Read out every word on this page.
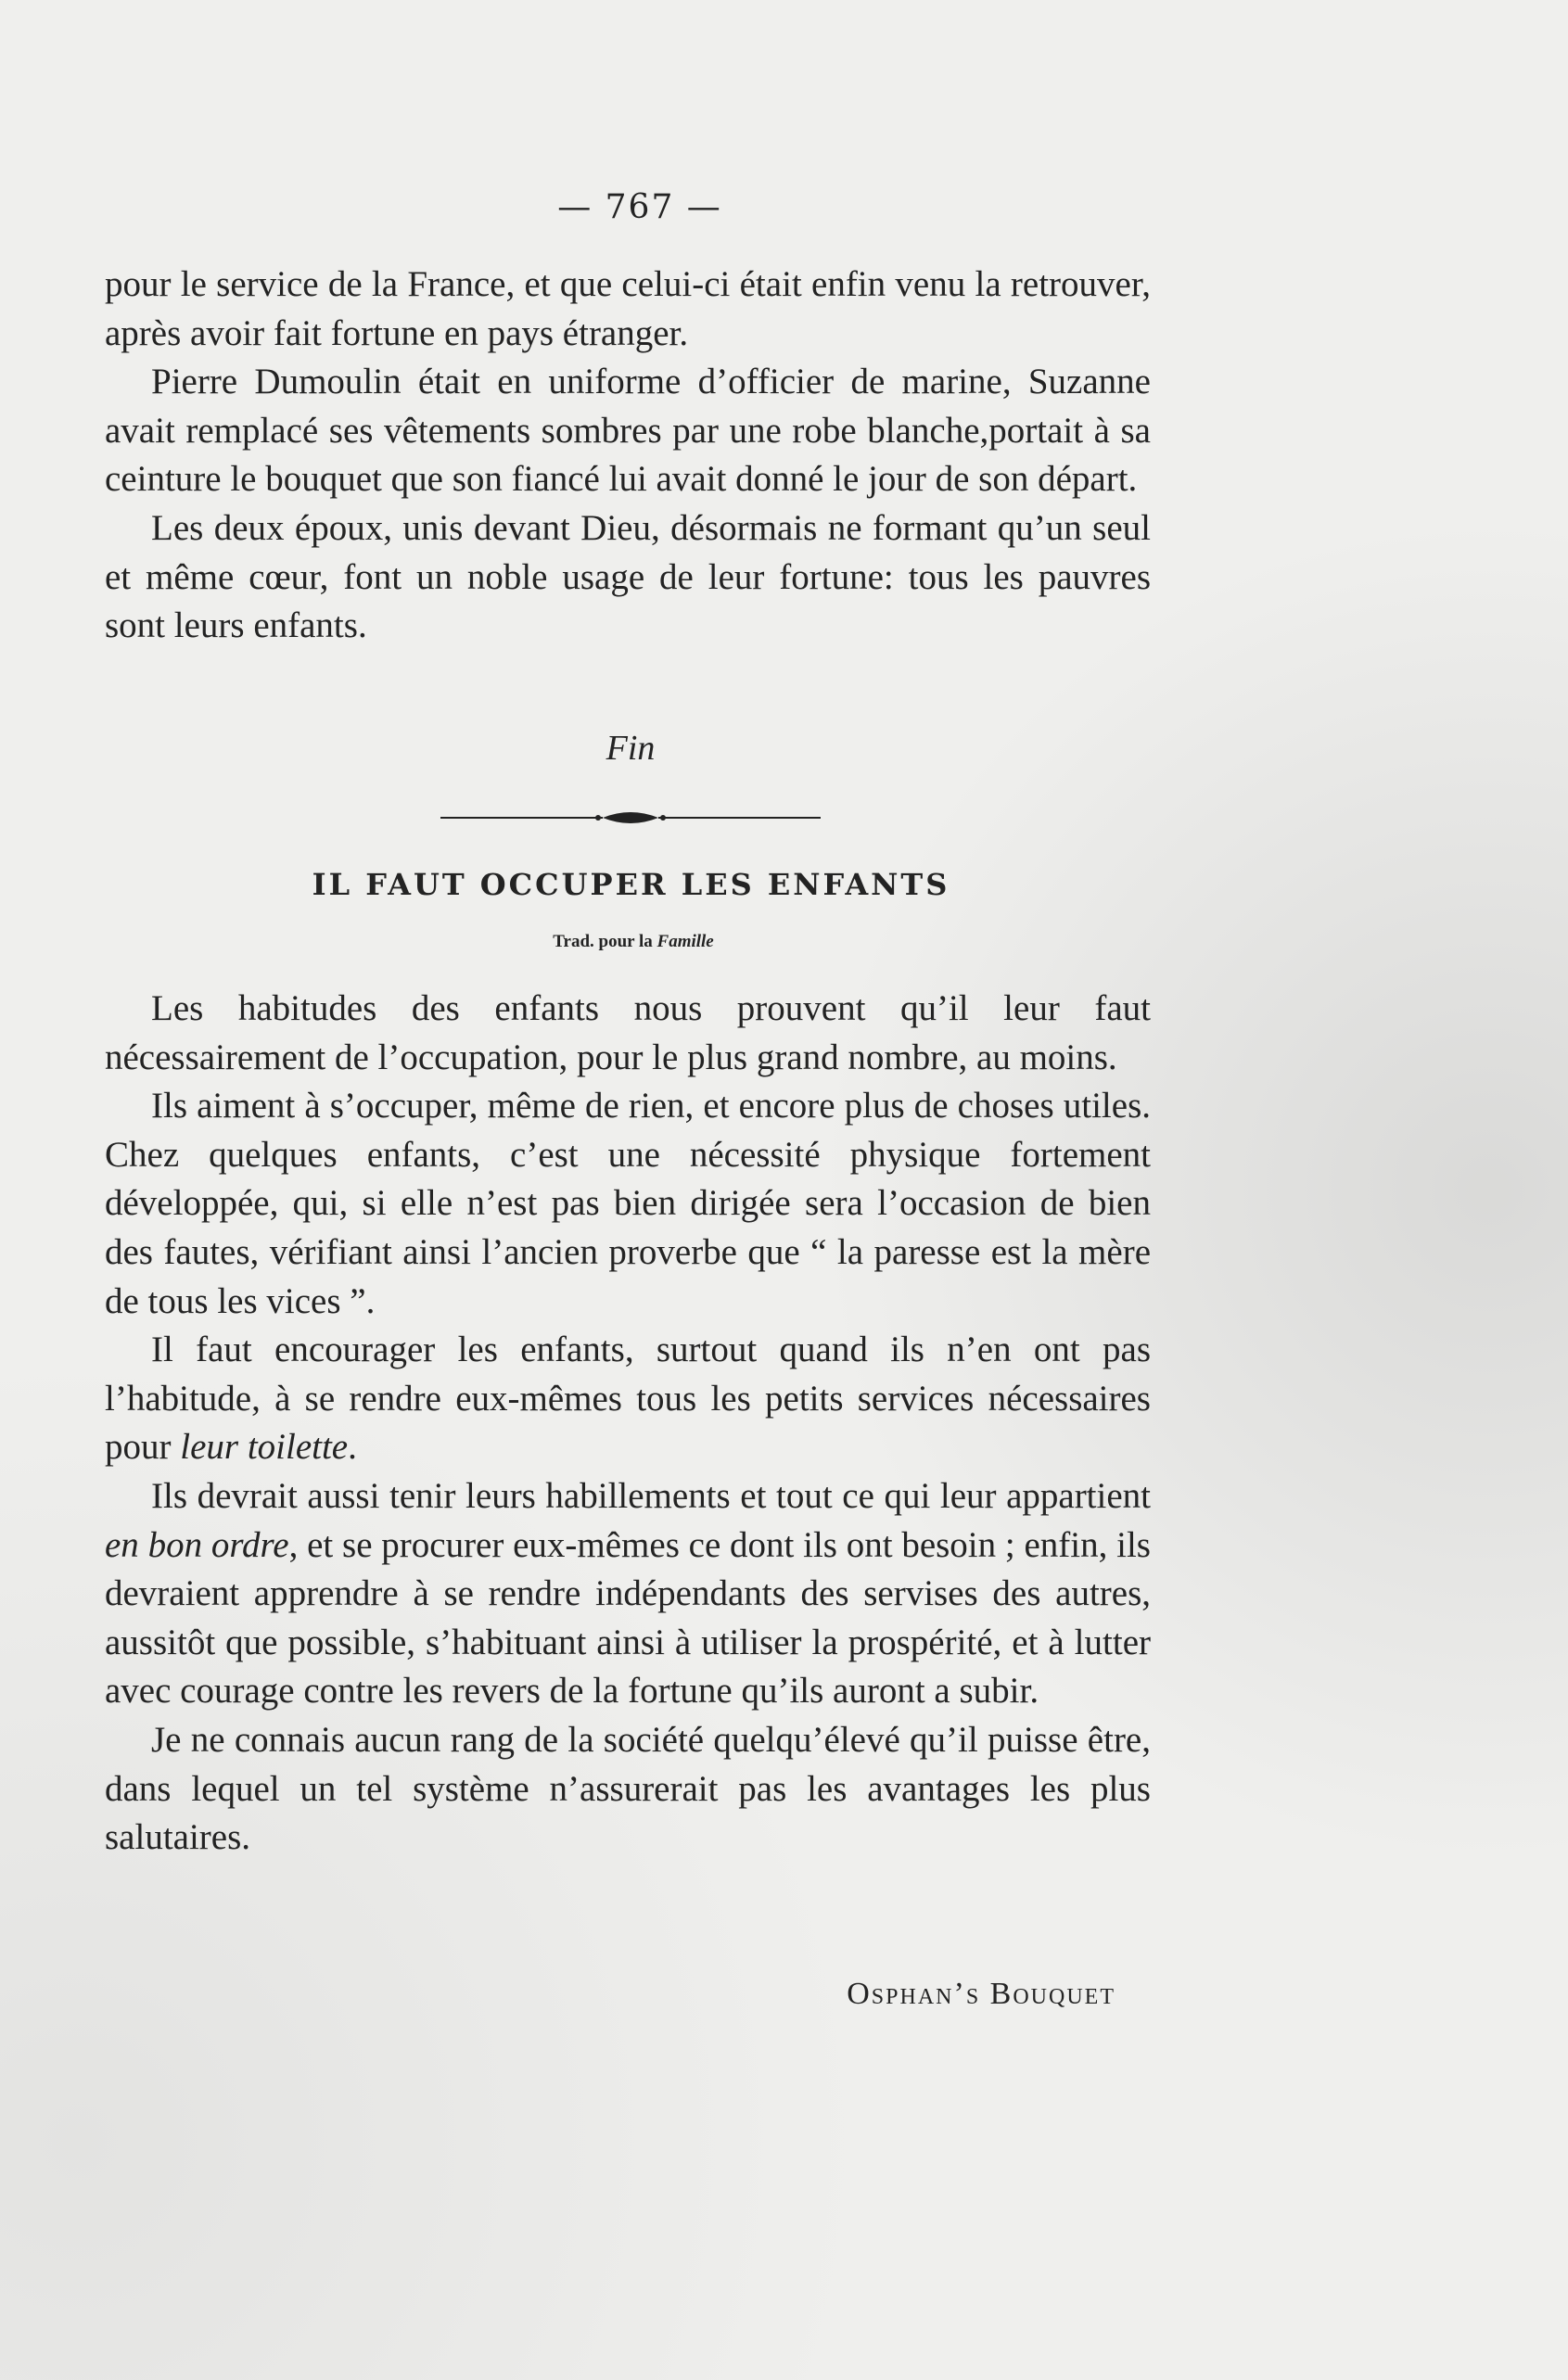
— 767 —

pour le service de la France, et que celui-ci était enfin venu la retrouver, après avoir fait fortune en pays étranger.

Pierre Dumoulin était en uniforme d’officier de marine, Suzanne avait remplacé ses vêtements sombres par une robe blanche,portait à sa ceinture le bouquet que son fiancé lui avait donné le jour de son départ.

Les deux époux, unis devant Dieu, désormais ne formant qu’un seul et même cœur, font un noble usage de leur fortune: tous les pauvres sont leurs enfants.

Fin
IL FAUT OCCUPER LES ENFANTS
Trad. pour la Famille

Les habitudes des enfants nous prouvent qu’il leur faut nécessairement de l’occupation, pour le plus grand nombre, au moins.

Ils aiment à s’occuper, même de rien, et encore plus de choses utiles. Chez quelques enfants, c’est une nécessité physique fortement développée, qui, si elle n’est pas bien dirigée sera l’occasion de bien des fautes, vérifiant ainsi l’ancien proverbe que “ la paresse est la mère de tous les vices ”.

Il faut encourager les enfants, surtout quand ils n’en ont pas l’habitude, à se rendre eux-mêmes tous les petits services nécessaires pour leur toilette.

Ils devrait aussi tenir leurs habillements et tout ce qui leur appartient en bon ordre, et se procurer eux-mêmes ce dont ils ont besoin ; enfin, ils devraient apprendre à se rendre indépendants des servises des autres, aussitôt que possible, s’habituant ainsi à utiliser la prospérité, et à lutter avec courage contre les revers de la fortune qu’ils auront a subir.

Je ne connais aucun rang de la société quelqu’élevé qu’il puisse être, dans lequel un tel système n’assurerait pas les avantages les plus salutaires.

Osphan’s Bouquet
